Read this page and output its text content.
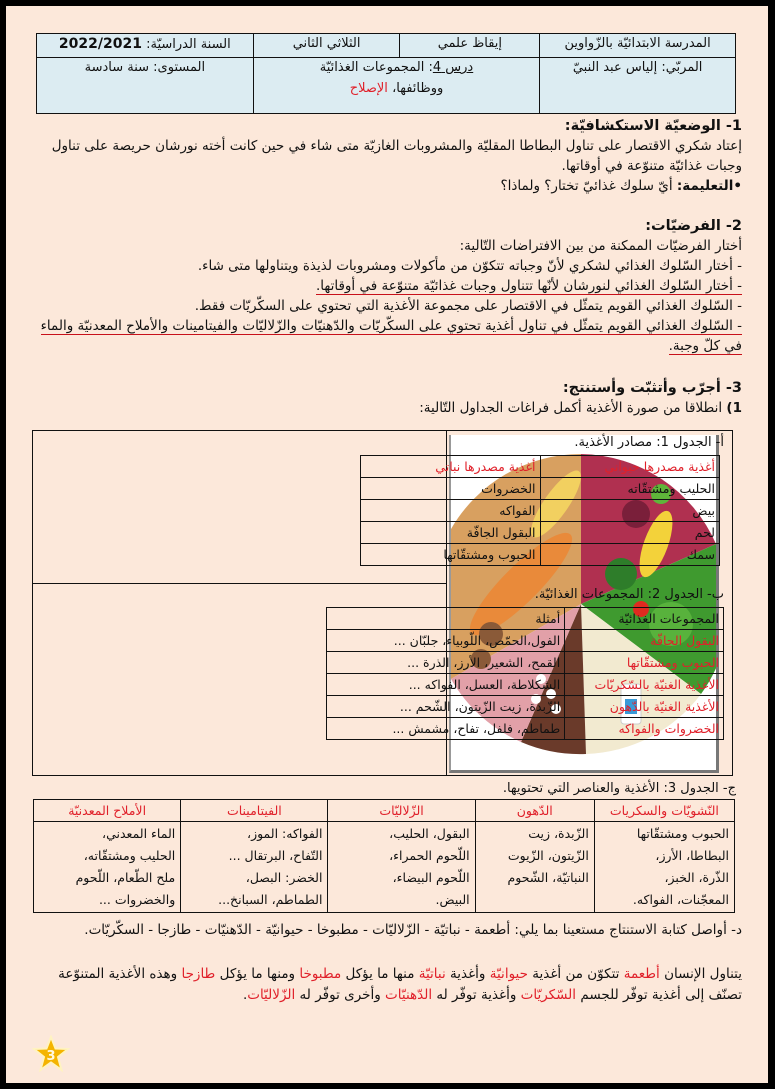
المدرسة الابتدائيّة بالزّواوين	إيقاظ علمي	الثلاثي الثاني	السنة الدراسيّة: 2022/2021
المربّي: إلياس عبد النبيّ	درس 4: المجموعات الغذائيّة
ووظائفها، الإصلاح		المستوى: سنة سادسة
1- الوضعيّة الاستكشافيّة:
إعتاد شكري الاقتصار على تناول البطاطا المقليّة والمشروبات الغازيّة متى شاء في حين كانت أخته نورشان حريصة على تناول وجبات غذائيّة متنوّعة في أوقاتها.
•التعليمة: أيّ سلوك غذائيّ تختار؟ ولماذا؟
2- الفرضيّات:
أختار الفرضيّات الممكنة من بين الافتراضات التّالية:
- أختار السّلوك الغذائي لشكري لأنّ وجباته تتكوّن من مأكولات ومشروبات لذيذة ويتناولها متى شاء.
- أختار السّلوك الغذائي لنورشان لأنّها تتناول وجبات غذائيّة متنوّعة في أوقاتها.
- السّلوك الغذائي القويم يتمثّل في الاقتصار على مجموعة الأغذية التي تحتوي على السكّريّات فقط.
- السّلوك الغذائي القويم يتمثّل في تناول أغذية تحتوي على السكّريّات والدّهنيّات والزّلاليّات والفيتامينات والأملاح المعدنيّة والماء في كلّ وجبة.
3- أجرّب وأتثبّت وأستنتج:
1) انطلاقا من صورة الأغذية أكمل فراغات الجداول التّالية:
أ- الجدول 1: مصادر الأغذية.
أغذية مصدرها حيواني	أغذية مصدرها نباتي
الحليب ومشتقّاته	الخضروات
بيض	الفواكه
لحم	البقول الجافّة
سمك	الحبوب ومشتقّاتها
ب- الجدول 2: المجموعات الغذائيّة.
المجموعات الغذائيّة	أمثلة
البقول الجافّة	الفول،الحمّص، اللّوبياء، جلبّان ...
الحبوب ومشتقّاتها	القمح، الشعير، الأرز، الذرة ...
الأغذية الغنيّة بالسّكريّات	الشكلاطة، العسل، الفواكه ...
الأغذية الغنيّة بالدّهون	الزّبدة، زيت الزّيتون، الشّحم ...
الخضروات والفواكه	طماطم، فلفل، تفاح، مشمش ...
ج- الجدول 3: الأغذية والعناصر التي تحتويها.
النّشويّات والسكريات	الدّهون	الزّلاليّات	الفيتامينات	الأملاح المعدنيّة

الحبوب ومشتقّاتها
البطاطا، الأرز،
الذّرة، الخبز،
المعجّنات، الفواكه.

الزّبدة، زيت
الزّيتون، الزّيوت
النباتيّة، الشّحوم

البقول، الحليب،
اللّحوم الحمراء،
اللّحوم البيضاء،
البيض.

الفواكه: الموز،
التّفاح، البرتقال ...
الخضر: البصل،
الطماطم، السبانخ...

الماء المعدني،
الحليب ومشتقّاته،
ملح الطّعام، اللّحوم
والخضروات ...
د- أواصل كتابة الاستنتاج مستعينا بما يلي: أطعمة - نباتيّة - الزّلاليّات - مطبوخا - حيوانيّة - الدّهنيّات - طازجا - السكّريّات.
يتناول الإنسان أطعمة تتكوّن من أغذية حيوانيّة وأغذية نباتيّة منها ما يؤكل مطبوخا ومنها ما يؤكل طازجا وهذه الأغذية المتنوّعة تصنّف إلى أغذية توفّر للجسم السّكريّات وأغذية توفّر له الدّهنيّات وأخرى توفّر له الزّلاليّات.
3
